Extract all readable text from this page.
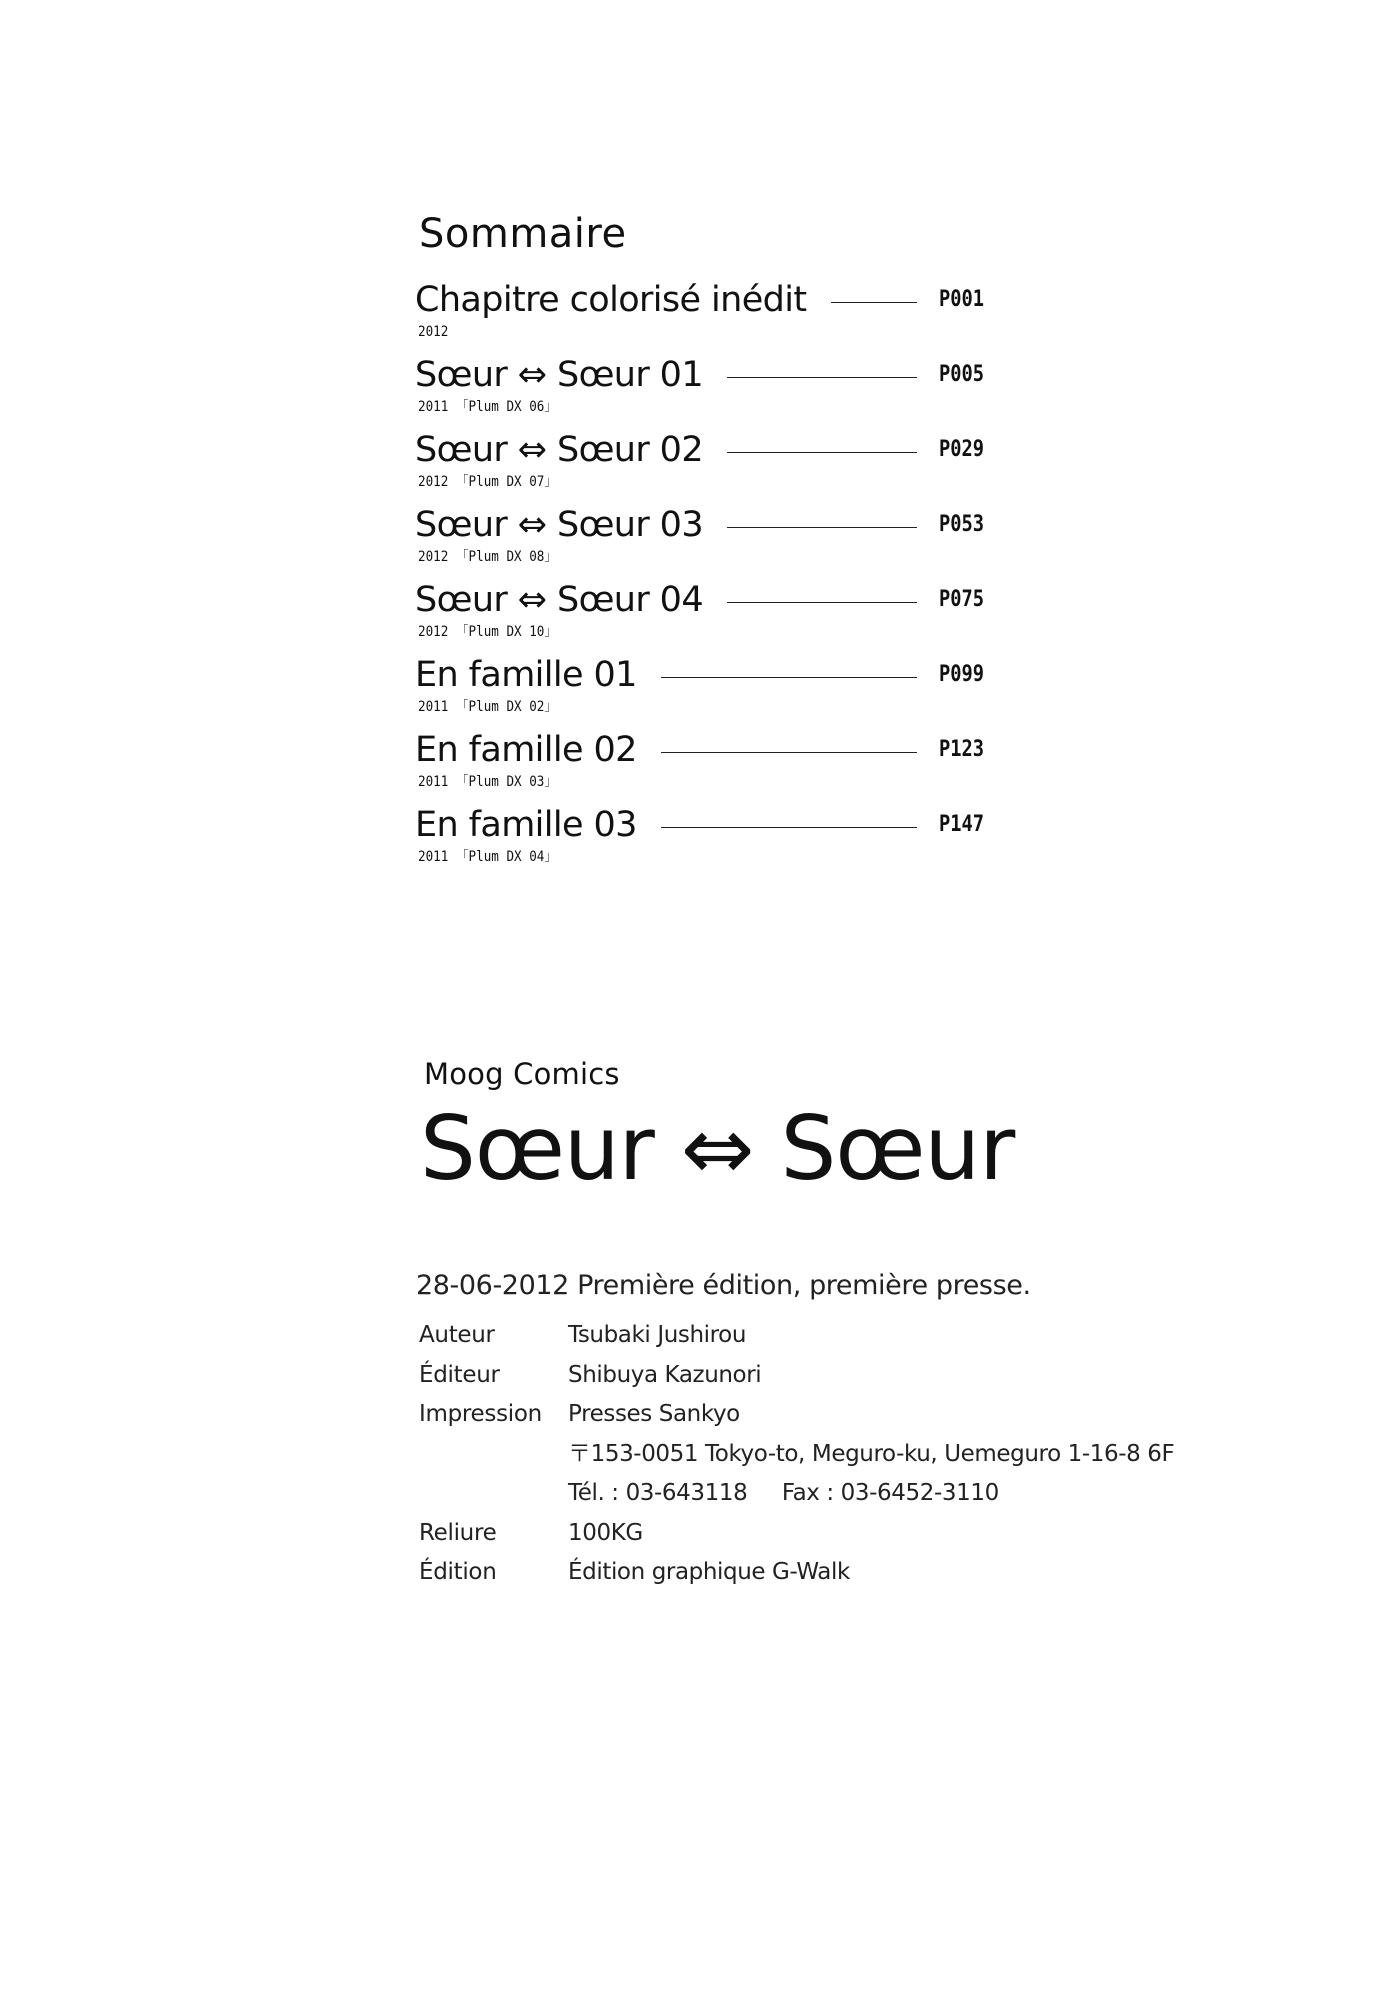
Sommaire
Chapitre colorisé inédit	P001
2012
Sœur ⇔ Sœur 01	P005
2011 「Plum DX 06」
Sœur ⇔ Sœur 02	P029
2012 「Plum DX 07」
Sœur ⇔ Sœur 03	P053
2012 「Plum DX 08」
Sœur ⇔ Sœur 04	P075
2012 「Plum DX 10」
En famille 01	P099
2011 「Plum DX 02」
En famille 02	P123
2011 「Plum DX 03」
En famille 03	P147
2011 「Plum DX 04」
Moog Comics
Sœur ⇔ Sœur
28-06-2012 Première édition, première presse.
Auteur	Tsubaki Jushirou
Éditeur	Shibuya Kazunori
Impression	Presses Sankyo
〒153-0051 Tokyo-to, Meguro-ku, Uemeguro 1-16-8 6F
Tél. : 03-643118     Fax : 03-6452-3110
Reliure	100KG
Édition	Édition graphique G-Walk
